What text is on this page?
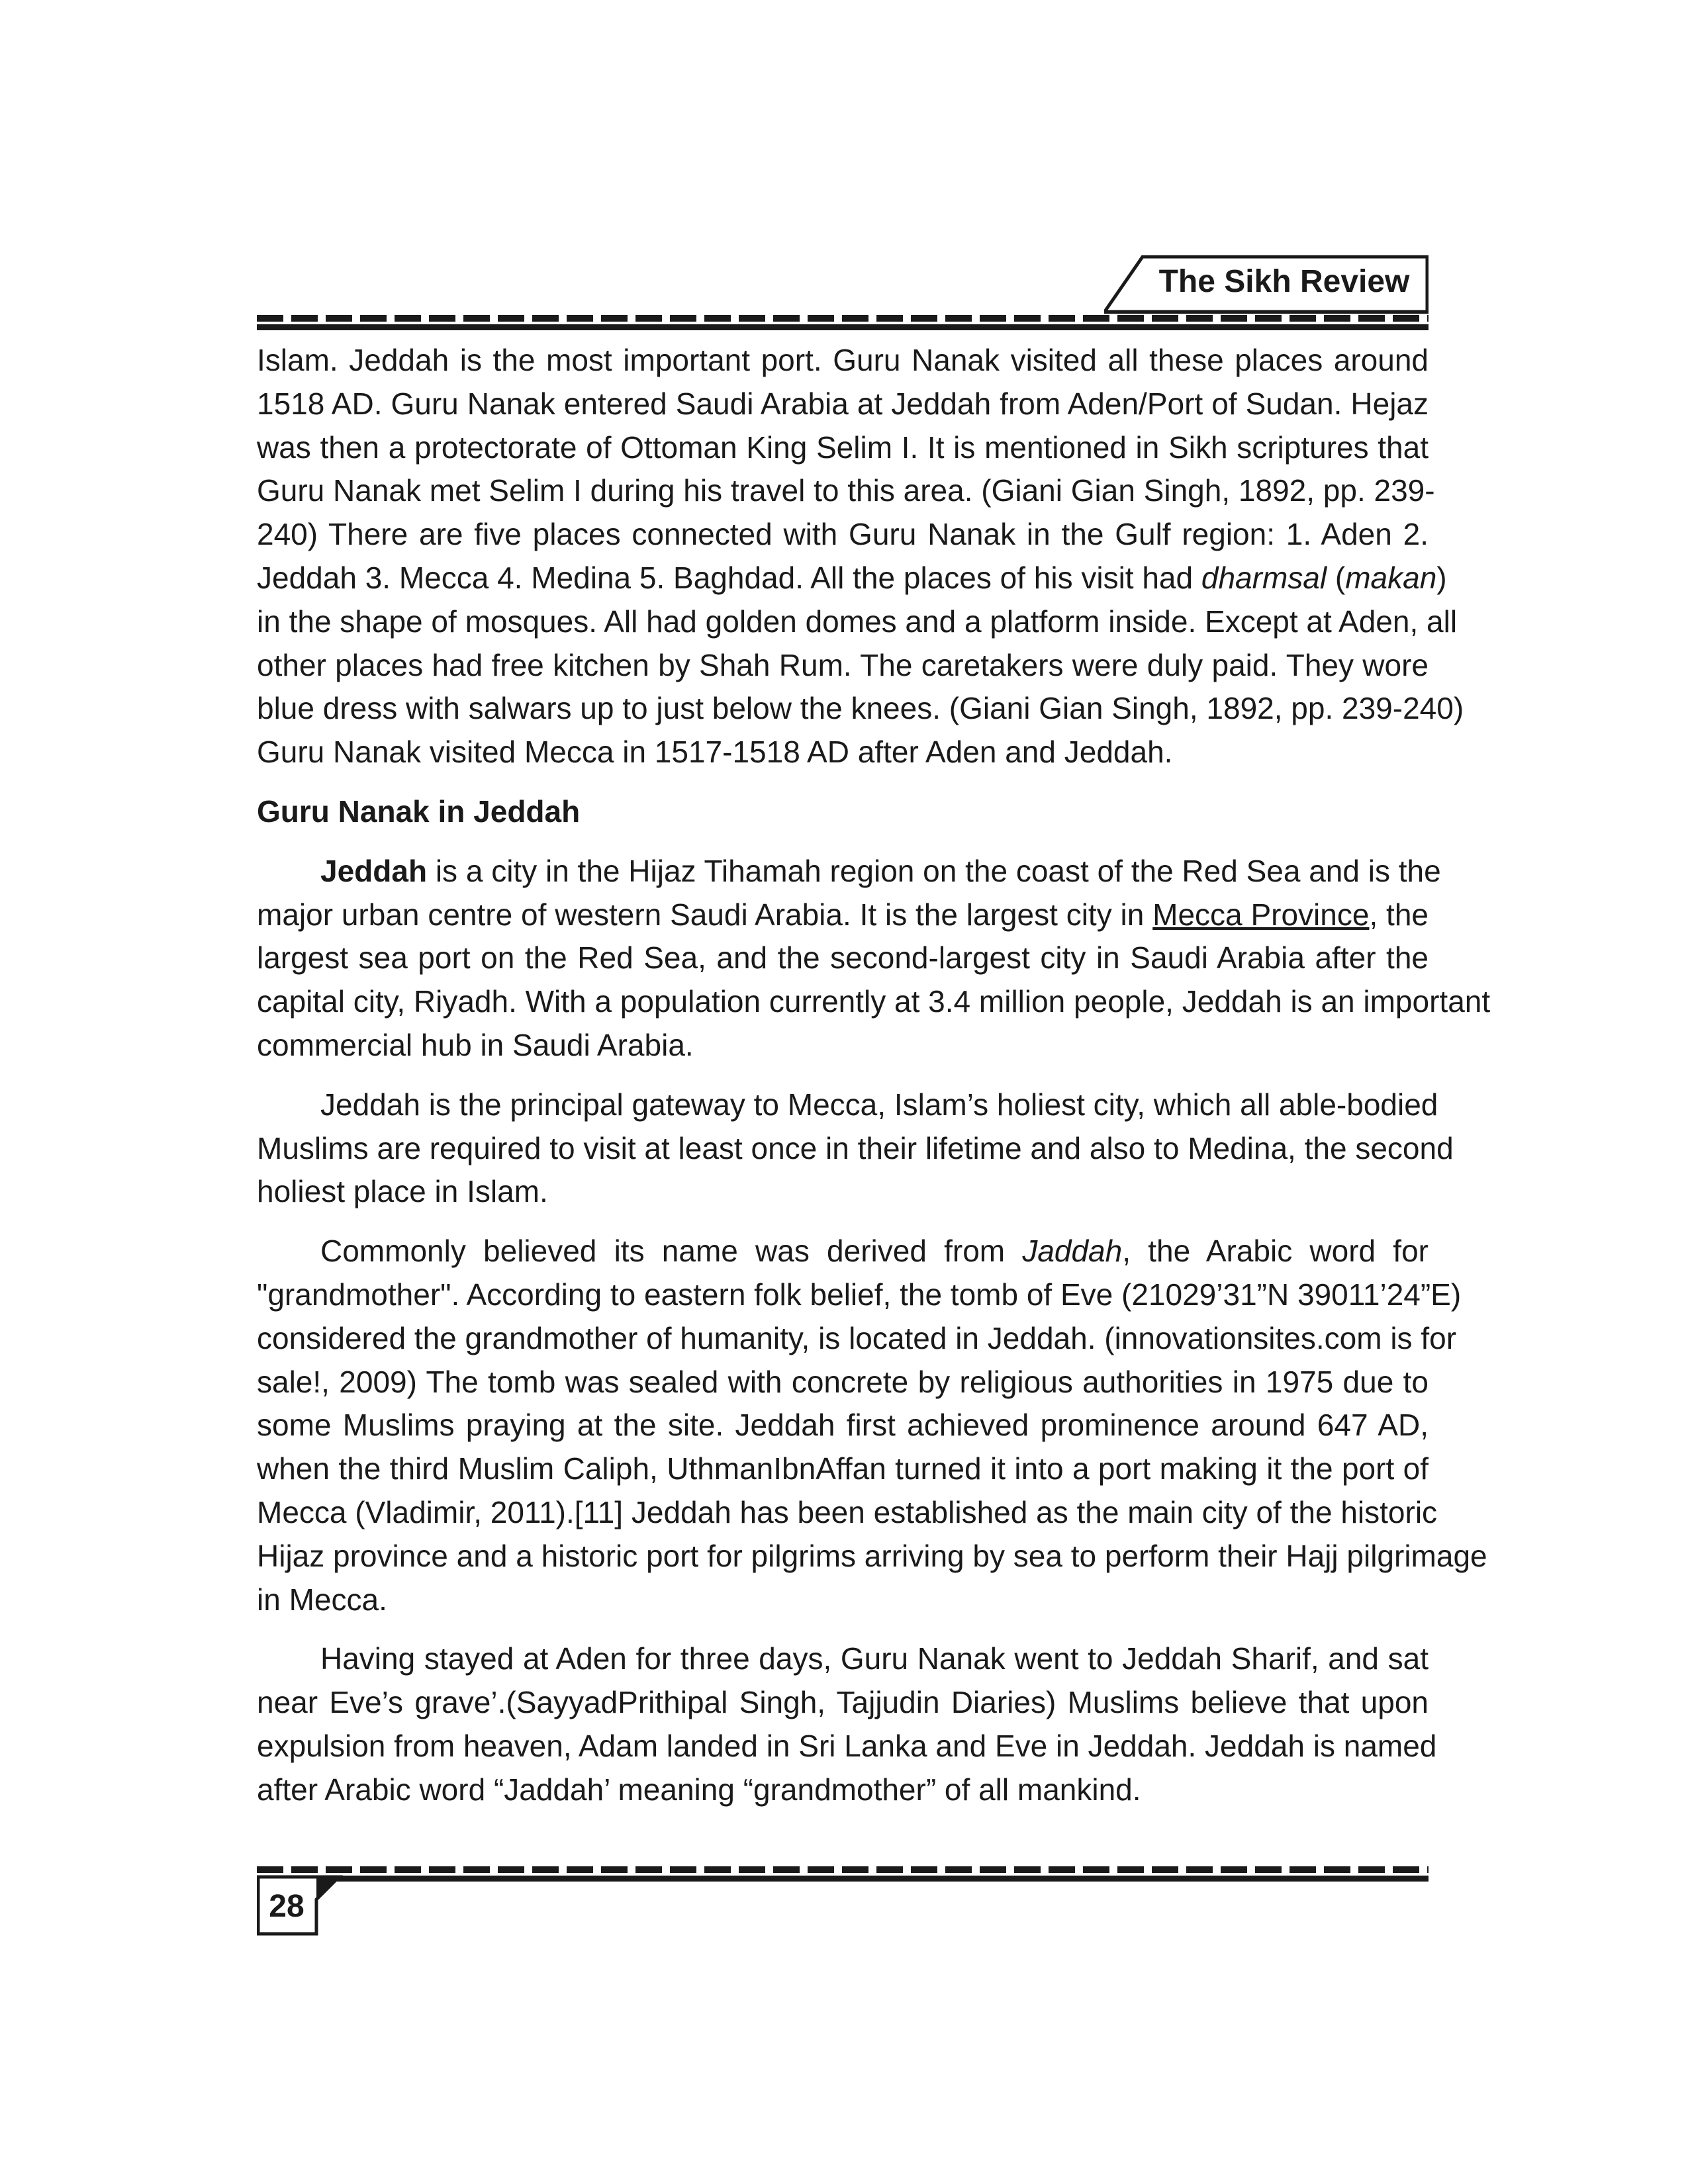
The Sikh Review

Islam. Jeddah is the most important port. Guru Nanak visited all these places around
1518 AD. Guru Nanak entered Saudi Arabia at Jeddah from Aden/Port of Sudan. Hejaz
was then a protectorate of Ottoman King Selim I. It is mentioned in Sikh scriptures that
Guru Nanak met Selim I during his travel to this area. (Giani Gian Singh, 1892, pp. 239-
240) There are five places connected with Guru Nanak in the Gulf region: 1. Aden 2.
Jeddah 3. Mecca 4. Medina 5. Baghdad. All the places of his visit had dharmsal (makan)
in the shape of mosques. All had golden domes and a platform inside. Except at Aden, all
other places had free kitchen by Shah Rum. The caretakers were duly paid. They wore
blue dress with salwars up to just below the knees. (Giani Gian Singh, 1892, pp. 239-240)
Guru Nanak visited Mecca in 1517-1518 AD after Aden and Jeddah.

Guru Nanak in Jeddah

Jeddah is a city in the Hijaz Tihamah region on the coast of the Red Sea and is the
major urban centre of western Saudi Arabia. It is the largest city in Mecca Province, the
largest sea port on the Red Sea, and the second-largest city in Saudi Arabia after the
capital city, Riyadh. With a population currently at 3.4 million people, Jeddah is an important
commercial hub in Saudi Arabia.

Jeddah is the principal gateway to Mecca, Islam’s holiest city, which all able-bodied
Muslims are required to visit at least once in their lifetime and also to Medina, the second
holiest place in Islam.

Commonly believed its name was derived from Jaddah, the Arabic word for
"grandmother". According to eastern folk belief, the tomb of Eve (21029’31”N 39011’24”E)
considered the grandmother of humanity, is located in Jeddah. (innovationsites.com is for
sale!, 2009) The tomb was sealed with concrete by religious authorities in 1975 due to
some Muslims praying at the site. Jeddah first achieved prominence around 647 AD,
when the third Muslim Caliph, UthmanIbnAffan turned it into a port making it the port of
Mecca (Vladimir, 2011).[11] Jeddah has been established as the main city of the historic
Hijaz province and a historic port for pilgrims arriving by sea to perform their Hajj pilgrimage
in Mecca.

Having stayed at Aden for three days, Guru Nanak went to Jeddah Sharif, and sat
near Eve’s grave’.(SayyadPrithipal Singh, Tajjudin Diaries) Muslims believe that upon
expulsion from heaven, Adam landed in Sri Lanka and Eve in Jeddah. Jeddah is named
after Arabic word “Jaddah’ meaning “grandmother” of all mankind.

28
